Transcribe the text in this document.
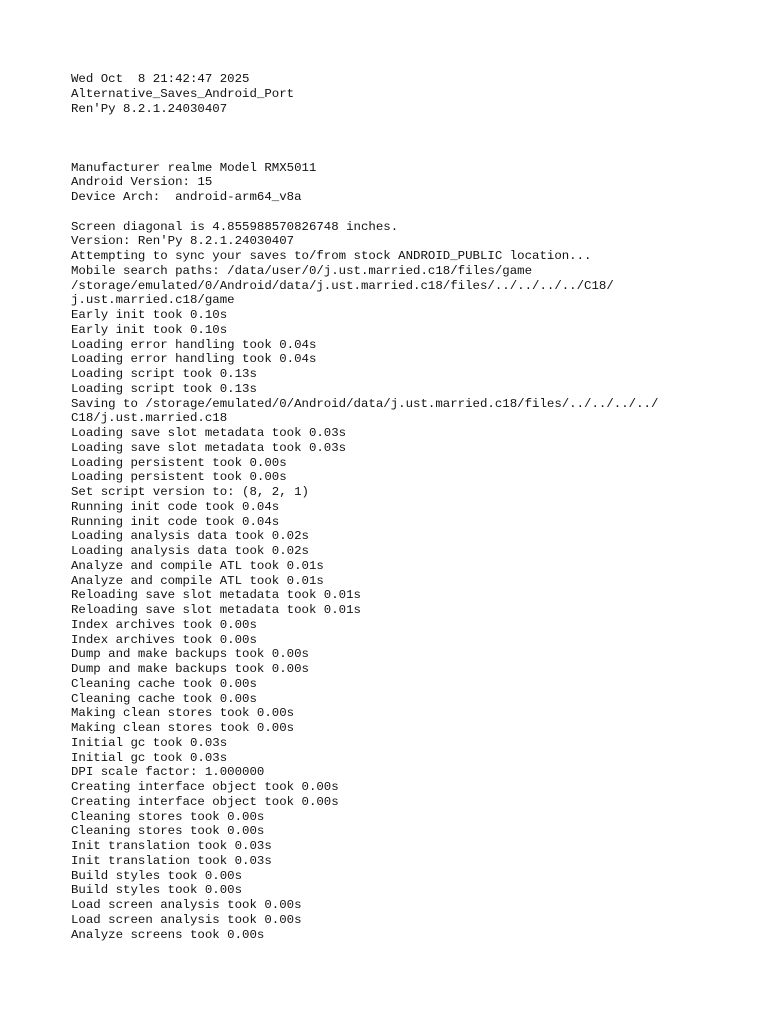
Wed Oct  8 21:42:47 2025
Alternative_Saves_Android_Port
Ren'Py 8.2.1.24030407

Manufacturer realme Model RMX5011
Android Version: 15
Device Arch:  android-arm64_v8a

Screen diagonal is 4.855988570826748 inches.
Version: Ren'Py 8.2.1.24030407
Attempting to sync your saves to/from stock ANDROID_PUBLIC location...
Mobile search paths: /data/user/0/j.ust.married.c18/files/game
/storage/emulated/0/Android/data/j.ust.married.c18/files/../../../../C18/
j.ust.married.c18/game
Early init took 0.10s
Early init took 0.10s
Loading error handling took 0.04s
Loading error handling took 0.04s
Loading script took 0.13s
Loading script took 0.13s
Saving to /storage/emulated/0/Android/data/j.ust.married.c18/files/../../../../
C18/j.ust.married.c18
Loading save slot metadata took 0.03s
Loading save slot metadata took 0.03s
Loading persistent took 0.00s
Loading persistent took 0.00s
Set script version to: (8, 2, 1)
Running init code took 0.04s
Running init code took 0.04s
Loading analysis data took 0.02s
Loading analysis data took 0.02s
Analyze and compile ATL took 0.01s
Analyze and compile ATL took 0.01s
Reloading save slot metadata took 0.01s
Reloading save slot metadata took 0.01s
Index archives took 0.00s
Index archives took 0.00s
Dump and make backups took 0.00s
Dump and make backups took 0.00s
Cleaning cache took 0.00s
Cleaning cache took 0.00s
Making clean stores took 0.00s
Making clean stores took 0.00s
Initial gc took 0.03s
Initial gc took 0.03s
DPI scale factor: 1.000000
Creating interface object took 0.00s
Creating interface object took 0.00s
Cleaning stores took 0.00s
Cleaning stores took 0.00s
Init translation took 0.03s
Init translation took 0.03s
Build styles took 0.00s
Build styles took 0.00s
Load screen analysis took 0.00s
Load screen analysis took 0.00s
Analyze screens took 0.00s
